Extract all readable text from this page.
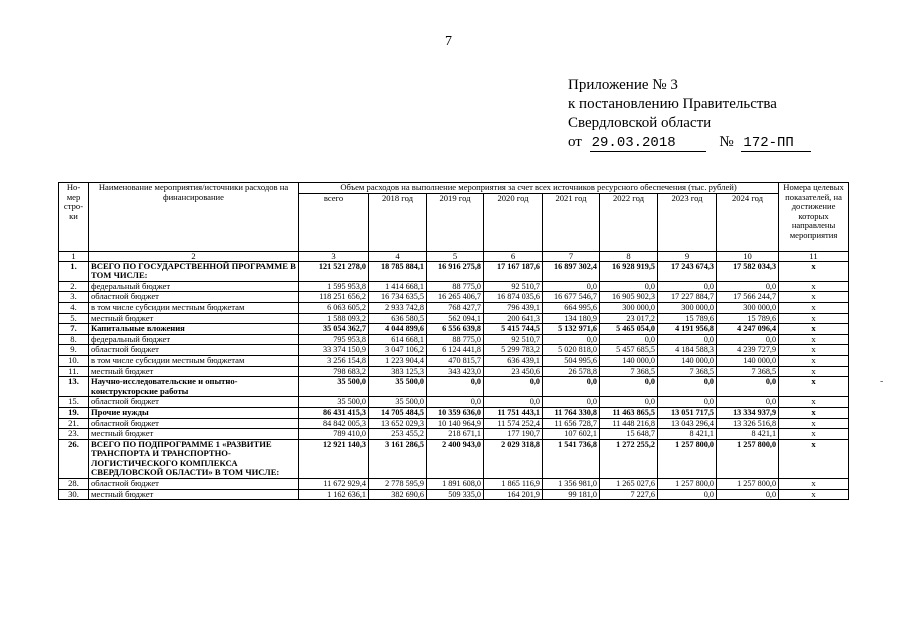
7
Приложение № 3
к постановлению Правительства
Свердловской области
от 29.03.2018	№ 172-ПП
Но-мер стро-ки	Наименование мероприятия/источники расходов на финансирование	Объем расходов на выполнение мероприятия за счет всех источников ресурсного обеспечения (тыс. рублей)								Номера целевых показателей, на достижение которых направлены мероприятия
		всего	2018 год	2019 год	2020 год	2021 год	2022 год	2023 год	2024 год	
1	2	3	4	5	6	7	8	9	10	11
1.	ВСЕГО ПО ГОСУДАРСТВЕННОЙ ПРОГРАММЕ В ТОМ ЧИСЛЕ:	121 521 278,0	18 785 884,1	16 916 275,8	17 167 187,6	16 897 302,4	16 928 919,5	17 243 674,3	17 582 034,3	x
2.	федеральный бюджет	1 595 953,8	1 414 668,1	88 775,0	92 510,7	0,0	0,0	0,0	0,0	x
3.	областной бюджет	118 251 656,2	16 734 635,5	16 265 406,7	16 874 035,6	16 677 546,7	16 905 902,3	17 227 884,7	17 566 244,7	x
4.	в том числе субсидии местным бюджетам	6 063 605,2	2 933 742,8	768 427,7	796 439,1	664 995,6	300 000,0	300 000,0	300 000,0	x
5.	местный бюджет	1 588 093,2	636 580,5	562 094,1	200 641,3	134 180,9	23 017,2	15 789,6	15 789,6	x
7.	Капитальные вложения	35 054 362,7	4 044 899,6	6 556 639,8	5 415 744,5	5 132 971,6	5 465 054,0	4 191 956,8	4 247 096,4	x
8.	федеральный бюджет	795 953,8	614 668,1	88 775,0	92 510,7	0,0	0,0	0,0	0,0	x
9.	областной бюджет	33 374 150,9	3 047 106,2	6 124 441,8	5 299 783,2	5 020 818,0	5 457 685,5	4 184 588,3	4 239 727,9	x
10.	в том числе субсидии местным бюджетам	3 256 154,8	1 223 904,4	470 815,7	636 439,1	504 995,6	140 000,0	140 000,0	140 000,0	x
11.	местный бюджет	798 683,2	383 125,3	343 423,0	23 450,6	26 578,8	7 368,5	7 368,5	7 368,5	x
13.	Научно-исследовательские и опытно-конструкторские работы	35 500,0	35 500,0	0,0	0,0	0,0	0,0	0,0	0,0	x
15.	областной бюджет	35 500,0	35 500,0	0,0	0,0	0,0	0,0	0,0	0,0	x
19.	Прочие нужды	86 431 415,3	14 705 484,5	10 359 636,0	11 751 443,1	11 764 330,8	11 463 865,5	13 051 717,5	13 334 937,9	x
21.	областной бюджет	84 842 005,3	13 652 029,3	10 140 964,9	11 574 252,4	11 656 728,7	11 448 216,8	13 043 296,4	13 326 516,8	x
23.	местный бюджет	789 410,0	253 455,2	218 671,1	177 190,7	107 602,1	15 648,7	8 421,1	8 421,1	x
26.	ВСЕГО ПО ПОДПРОГРАММЕ 1 «РАЗВИТИЕ ТРАНСПОРТА И ТРАНСПОРТНО-ЛОГИСТИЧЕСКОГО КОМПЛЕКСА СВЕРДЛОВСКОЙ ОБЛАСТИ» В ТОМ ЧИСЛЕ:	12 921 140,3	3 161 286,5	2 400 943,0	2 029 318,8	1 541 736,8	1 272 255,2	1 257 800,0	1 257 800,0	x
28.	областной бюджет	11 672 929,4	2 778 595,9	1 891 608,0	1 865 116,9	1 356 981,0	1 265 027,6	1 257 800,0	1 257 800,0	x
30.	местный бюджет	1 162 636,1	382 690,6	509 335,0	164 201,9	99 181,0	7 227,6	0,0	0,0	x
-
